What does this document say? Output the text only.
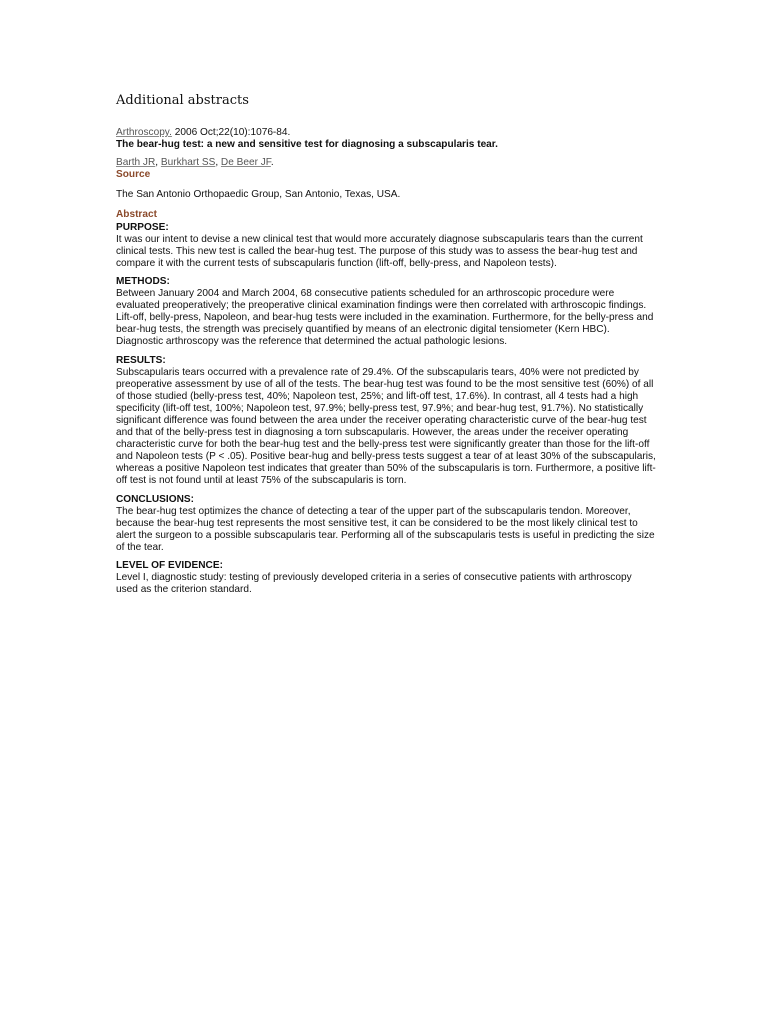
Additional abstracts
Arthroscopy. 2006 Oct;22(10):1076-84.
The bear-hug test: a new and sensitive test for diagnosing a subscapularis tear.
Barth JR, Burkhart SS, De Beer JF.
Source
The San Antonio Orthopaedic Group, San Antonio, Texas, USA.
Abstract
PURPOSE:
It was our intent to devise a new clinical test that would more accurately diagnose subscapularis tears than the current clinical tests. This new test is called the bear-hug test. The purpose of this study was to assess the bear-hug test and compare it with the current tests of subscapularis function (lift-off, belly-press, and Napoleon tests).
METHODS:
Between January 2004 and March 2004, 68 consecutive patients scheduled for an arthroscopic procedure were evaluated preoperatively; the preoperative clinical examination findings were then correlated with arthroscopic findings. Lift-off, belly-press, Napoleon, and bear-hug tests were included in the examination. Furthermore, for the belly-press and bear-hug tests, the strength was precisely quantified by means of an electronic digital tensiometer (Kern HBC). Diagnostic arthroscopy was the reference that determined the actual pathologic lesions.
RESULTS:
Subscapularis tears occurred with a prevalence rate of 29.4%. Of the subscapularis tears, 40% were not predicted by preoperative assessment by use of all of the tests. The bear-hug test was found to be the most sensitive test (60%) of all of those studied (belly-press test, 40%; Napoleon test, 25%; and lift-off test, 17.6%). In contrast, all 4 tests had a high specificity (lift-off test, 100%; Napoleon test, 97.9%; belly-press test, 97.9%; and bear-hug test, 91.7%). No statistically significant difference was found between the area under the receiver operating characteristic curve of the bear-hug test and that of the belly-press test in diagnosing a torn subscapularis. However, the areas under the receiver operating characteristic curve for both the bear-hug test and the belly-press test were significantly greater than those for the lift-off and Napoleon tests (P < .05). Positive bear-hug and belly-press tests suggest a tear of at least 30% of the subscapularis, whereas a positive Napoleon test indicates that greater than 50% of the subscapularis is torn. Furthermore, a positive lift-off test is not found until at least 75% of the subscapularis is torn.
CONCLUSIONS:
The bear-hug test optimizes the chance of detecting a tear of the upper part of the subscapularis tendon. Moreover, because the bear-hug test represents the most sensitive test, it can be considered to be the most likely clinical test to alert the surgeon to a possible subscapularis tear. Performing all of the subscapularis tests is useful in predicting the size of the tear.
LEVEL OF EVIDENCE:
Level I, diagnostic study: testing of previously developed criteria in a series of consecutive patients with arthroscopy used as the criterion standard.
